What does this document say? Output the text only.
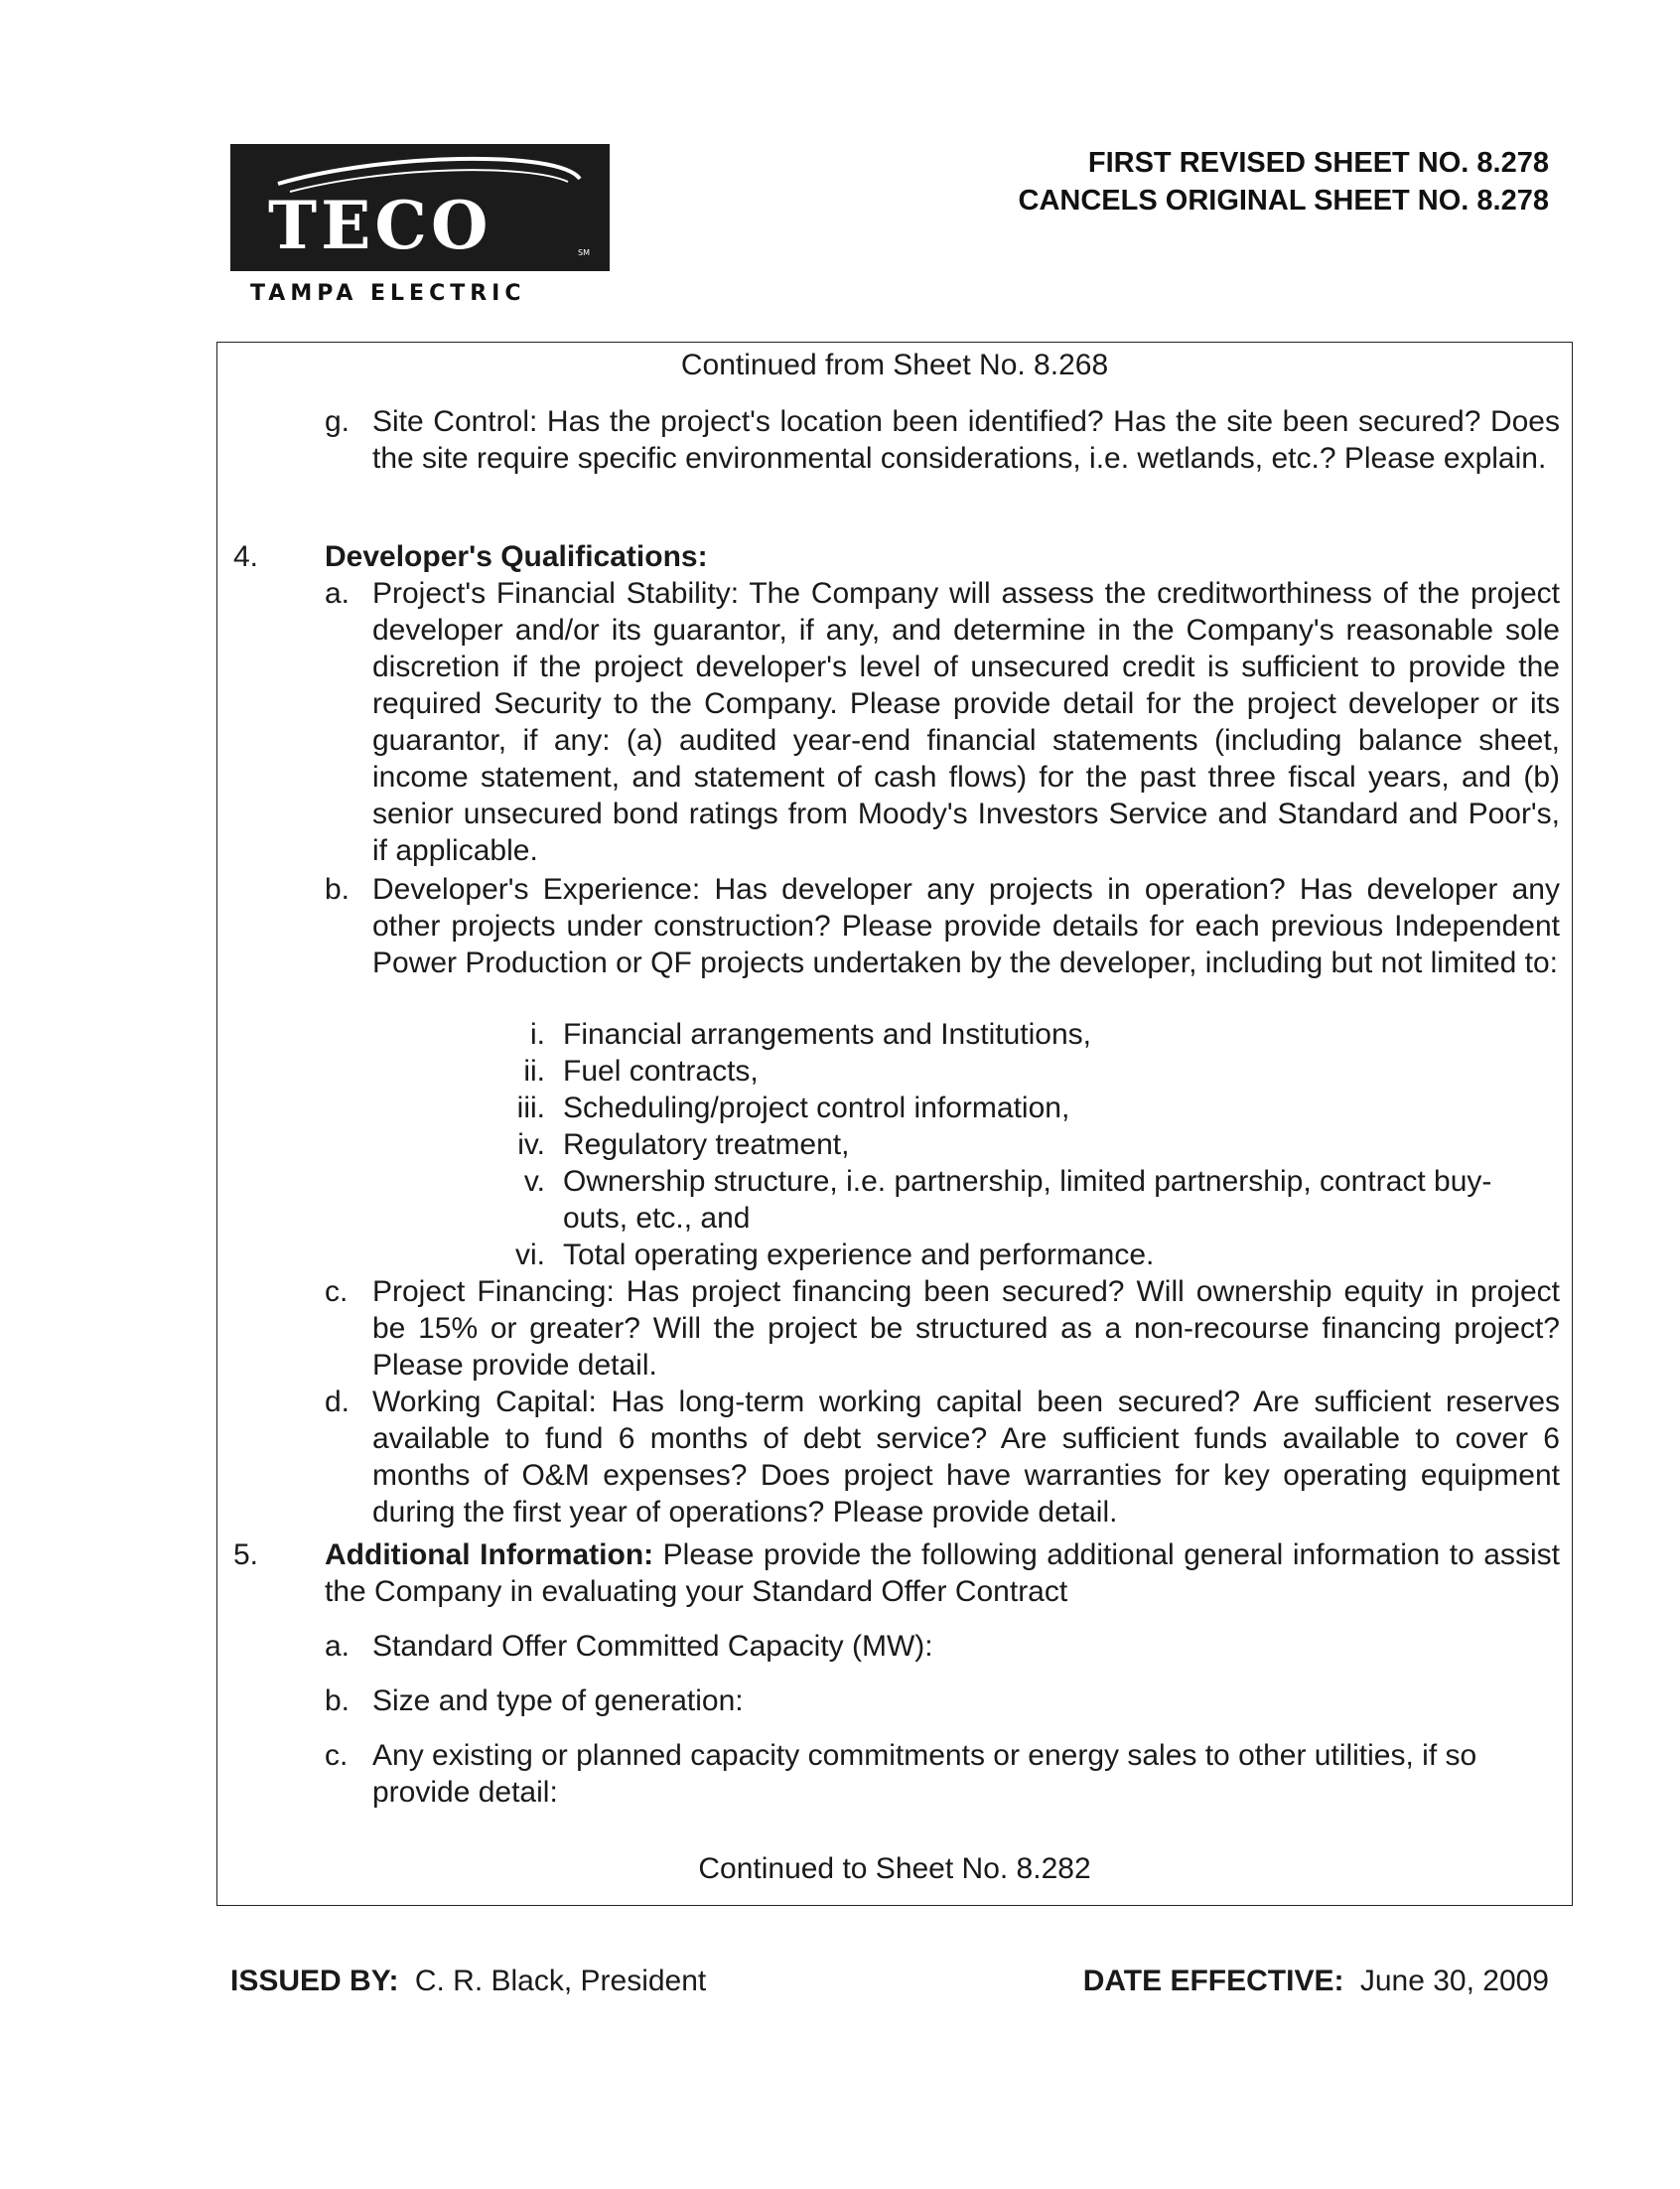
TECO	SM
TAMPA ELECTRIC
FIRST REVISED SHEET NO. 8.278
CANCELS ORIGINAL SHEET NO. 8.278
Continued from Sheet No. 8.268
g. Site Control: Has the project's location been identified? Has the site been secured? Does the site require specific environmental considerations, i.e. wetlands, etc.? Please explain.
4. Developer's Qualifications:
a. Project's Financial Stability: The Company will assess the creditworthiness of the project developer and/or its guarantor, if any, and determine in the Company's reasonable sole discretion if the project developer's level of unsecured credit is sufficient to provide the required Security to the Company. Please provide detail for the project developer or its guarantor, if any: (a) audited year-end financial statements (including balance sheet, income statement, and statement of cash flows) for the past three fiscal years, and (b) senior unsecured bond ratings from Moody's Investors Service and Standard and Poor's, if applicable.
b. Developer's Experience: Has developer any projects in operation? Has developer any other projects under construction? Please provide details for each previous Independent Power Production or QF projects undertaken by the developer, including but not limited to:
i. Financial arrangements and Institutions,
ii. Fuel contracts,
iii. Scheduling/project control information,
iv. Regulatory treatment,
v. Ownership structure, i.e. partnership, limited partnership, contract buy-outs, etc., and
vi. Total operating experience and performance.
c. Project Financing: Has project financing been secured? Will ownership equity in project be 15% or greater? Will the project be structured as a non-recourse financing project? Please provide detail.
d. Working Capital: Has long-term working capital been secured? Are sufficient reserves available to fund 6 months of debt service? Are sufficient funds available to cover 6 months of O&M expenses? Does project have warranties for key operating equipment during the first year of operations? Please provide detail.
5. Additional Information: Please provide the following additional general information to assist the Company in evaluating your Standard Offer Contract
a. Standard Offer Committed Capacity (MW):
b. Size and type of generation:
c. Any existing or planned capacity commitments or energy sales to other utilities, if so provide detail:
Continued to Sheet No. 8.282
ISSUED BY: C. R. Black, President	DATE EFFECTIVE: June 30, 2009
